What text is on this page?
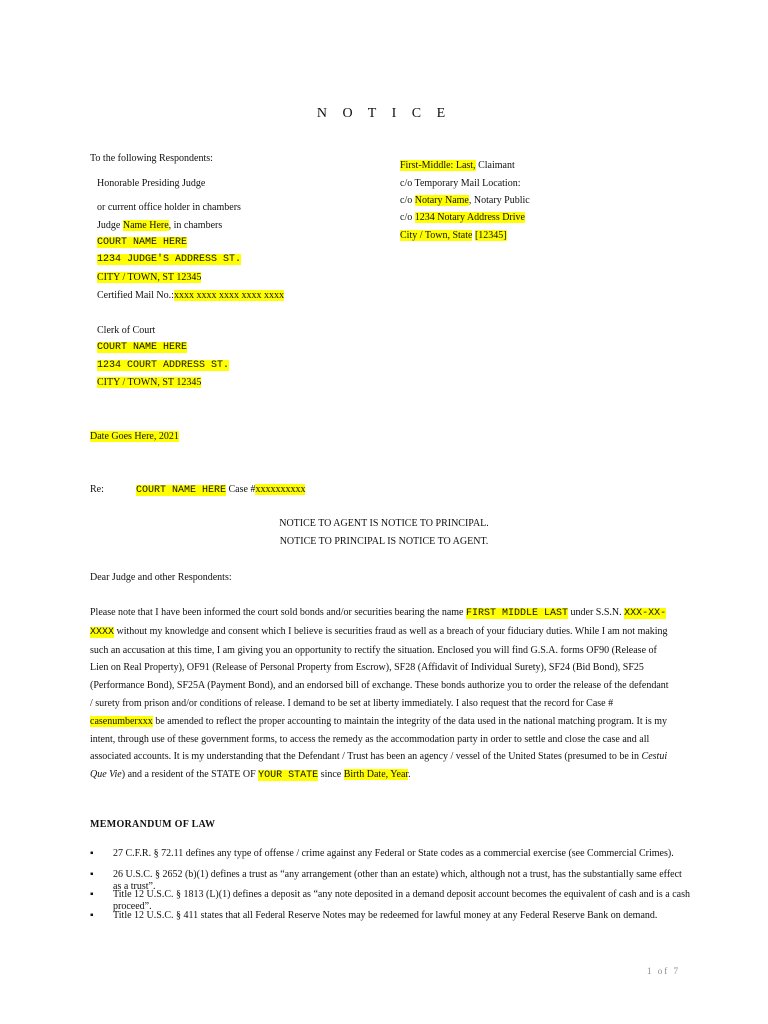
N O T I C E
To the following Respondents:
Honorable Presiding Judge
or current office holder in chambers
Judge Name Here, in chambers
COURT NAME HERE
1234 JUDGE'S ADDRESS ST.
CITY / TOWN, ST 12345
Certified Mail No.:xxxx xxxx xxxx xxxx xxxx
Clerk of Court
COURT NAME HERE
1234 COURT ADDRESS ST.
CITY / TOWN, ST 12345
First-Middle: Last, Claimant
c/o Temporary Mail Location:
c/o Notary Name, Notary Public
c/o 1234 Notary Address Drive
City / Town, State [12345]
Date Goes Here, 2021
Re:	COURT NAME HERE Case #xxxxxxxxxx
NOTICE TO AGENT IS NOTICE TO PRINCIPAL.
NOTICE TO PRINCIPAL IS NOTICE TO AGENT.
Dear Judge and other Respondents:
Please note that I have been informed the court sold bonds and/or securities bearing the name FIRST MIDDLE LAST under S.S.N. XXX-XX-XXXX without my knowledge and consent which I believe is securities fraud as well as a breach of your fiduciary duties. While I am not making such an accusation at this time, I am giving you an opportunity to rectify the situation. Enclosed you will find G.S.A. forms OF90 (Release of Lien on Real Property), OF91 (Release of Personal Property from Escrow), SF28 (Affidavit of Individual Surety), SF24 (Bid Bond), SF25 (Performance Bond), SF25A (Payment Bond), and an endorsed bill of exchange. These bonds authorize you to order the release of the defendant / surety from prison and/or conditions of release. I demand to be set at liberty immediately. I also request that the record for Case # casenumberxxx be amended to reflect the proper accounting to maintain the integrity of the data used in the national matching program. It is my intent, through use of these government forms, to access the remedy as the accommodation party in order to settle and close the case and all associated accounts. It is my understanding that the Defendant / Trust has been an agency / vessel of the United States (presumed to be in Cestui Que Vie) and a resident of the STATE OF YOUR STATE since Birth Date, Year.
MEMORANDUM OF LAW
▪ 27 C.F.R. § 72.11 defines any type of offense / crime against any Federal or State codes as a commercial exercise (see Commercial Crimes).
▪ 26 U.S.C. § 2652 (b)(1) defines a trust as “any arrangement (other than an estate) which, although not a trust, has the substantially same effect as a trust”.
▪ Title 12 U.S.C. § 1813 (L)(1) defines a deposit as “any note deposited in a demand deposit account becomes the equivalent of cash and is a cash proceed”.
▪ Title 12 U.S.C. § 411 states that all Federal Reserve Notes may be redeemed for lawful money at any Federal Reserve Bank on demand.
1 of 7
